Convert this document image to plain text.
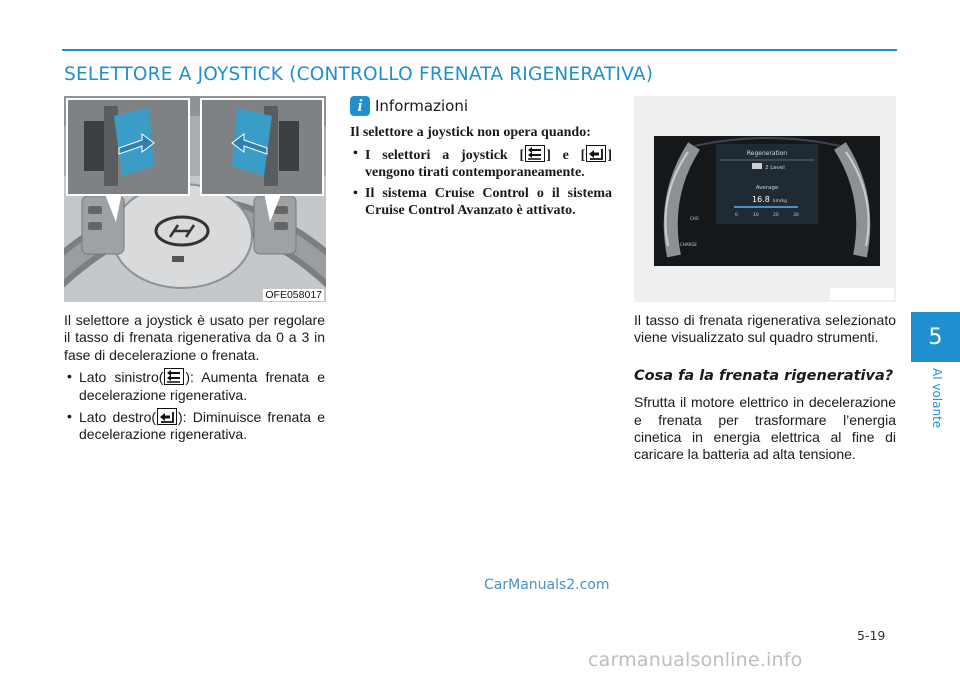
SELETTORE A JOYSTICK (CONTROLLO FRENATA RIGENERATIVA)
5
Al volante
OFE058017

Il selettore a joystick è usato per regolare il tasso di frenata rigenerativa da 0 a 3 in fase di decelerazione o frenata.

• Lato sinistro( ): Aumenta frenata e decelerazione rigenerativa.
• Lato destro( ): Diminuisce frenata e decelerazione rigenerativa.
i Informazioni

Il selettore a joystick non opera quando:

• I selettori a joystick [ ] e [ ] vengono tirati contemporaneamente.
• Il sistema Cruise Control o il sistema Cruise Control Avanzato è attivato.
Regeneration
2 Level
Average
16.8 km/kg
0	10	20	30
CHG
CHARGE

Il tasso di frenata rigenerativa selezionato viene visualizzato sul quadro strumenti.

Cosa fa la frenata rigenerativa?

Sfrutta il motore elettrico in decelerazione e frenata per trasformare l’energia cinetica in energia elettrica al fine di caricare la batteria ad alta tensione.

5-19
CarManuals2.com
carmanualsonline.info
